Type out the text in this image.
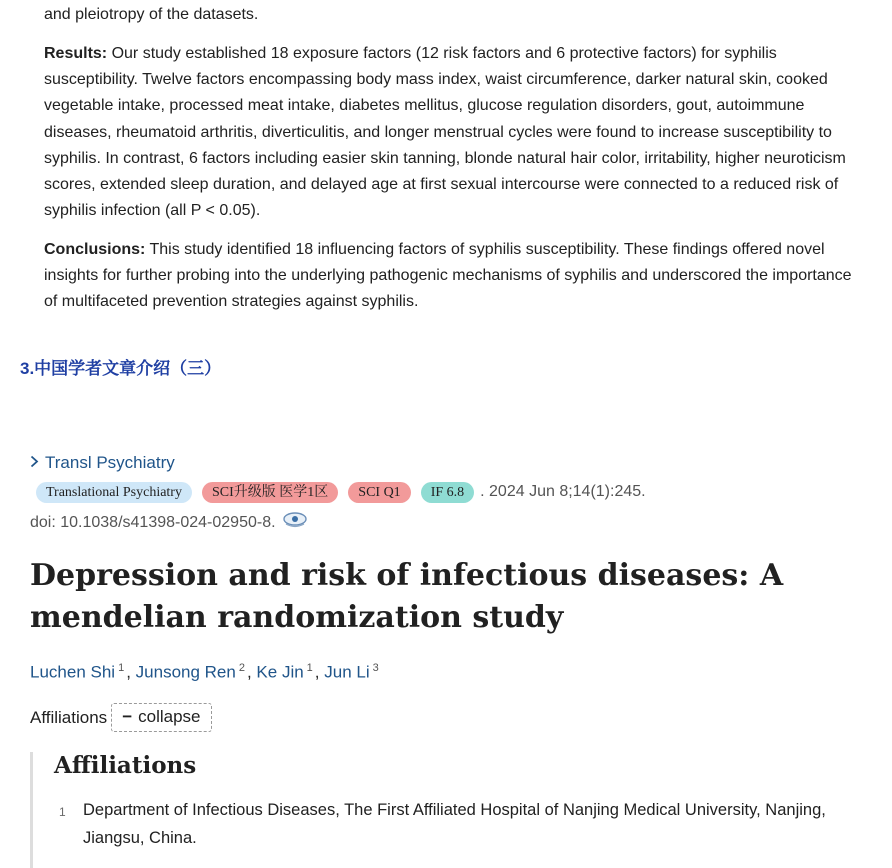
and pleiotropy of the datasets.
Results: Our study established 18 exposure factors (12 risk factors and 6 protective factors) for syphilis susceptibility. Twelve factors encompassing body mass index, waist circumference, darker natural skin, cooked vegetable intake, processed meat intake, diabetes mellitus, glucose regulation disorders, gout, autoimmune diseases, rheumatoid arthritis, diverticulitis, and longer menstrual cycles were found to increase susceptibility to syphilis. In contrast, 6 factors including easier skin tanning, blonde natural hair color, irritability, higher neuroticism scores, extended sleep duration, and delayed age at first sexual intercourse were connected to a reduced risk of syphilis infection (all P < 0.05).
Conclusions: This study identified 18 influencing factors of syphilis susceptibility. These findings offered novel insights for further probing into the underlying pathogenic mechanisms of syphilis and underscored the importance of multifaceted prevention strategies against syphilis.
3.中国学者文章介绍（三）
Transl Psychiatry
Translational Psychiatry	SCI升级版 医学1区	SCI Q1	IF 6.8	. 2024 Jun 8;14(1):245.
doi: 10.1038/s41398-024-02950-8.
Depression and risk of infectious diseases: A mendelian randomization study
Luchen Shi $^1$ , Junsong Ren $^2$ , Ke Jin $^1$ , Jun Li $^3$
Affiliations − collapse
Affiliations
1	Department of Infectious Diseases, The First Affiliated Hospital of Nanjing Medical University, Nanjing, Jiangsu, China.
